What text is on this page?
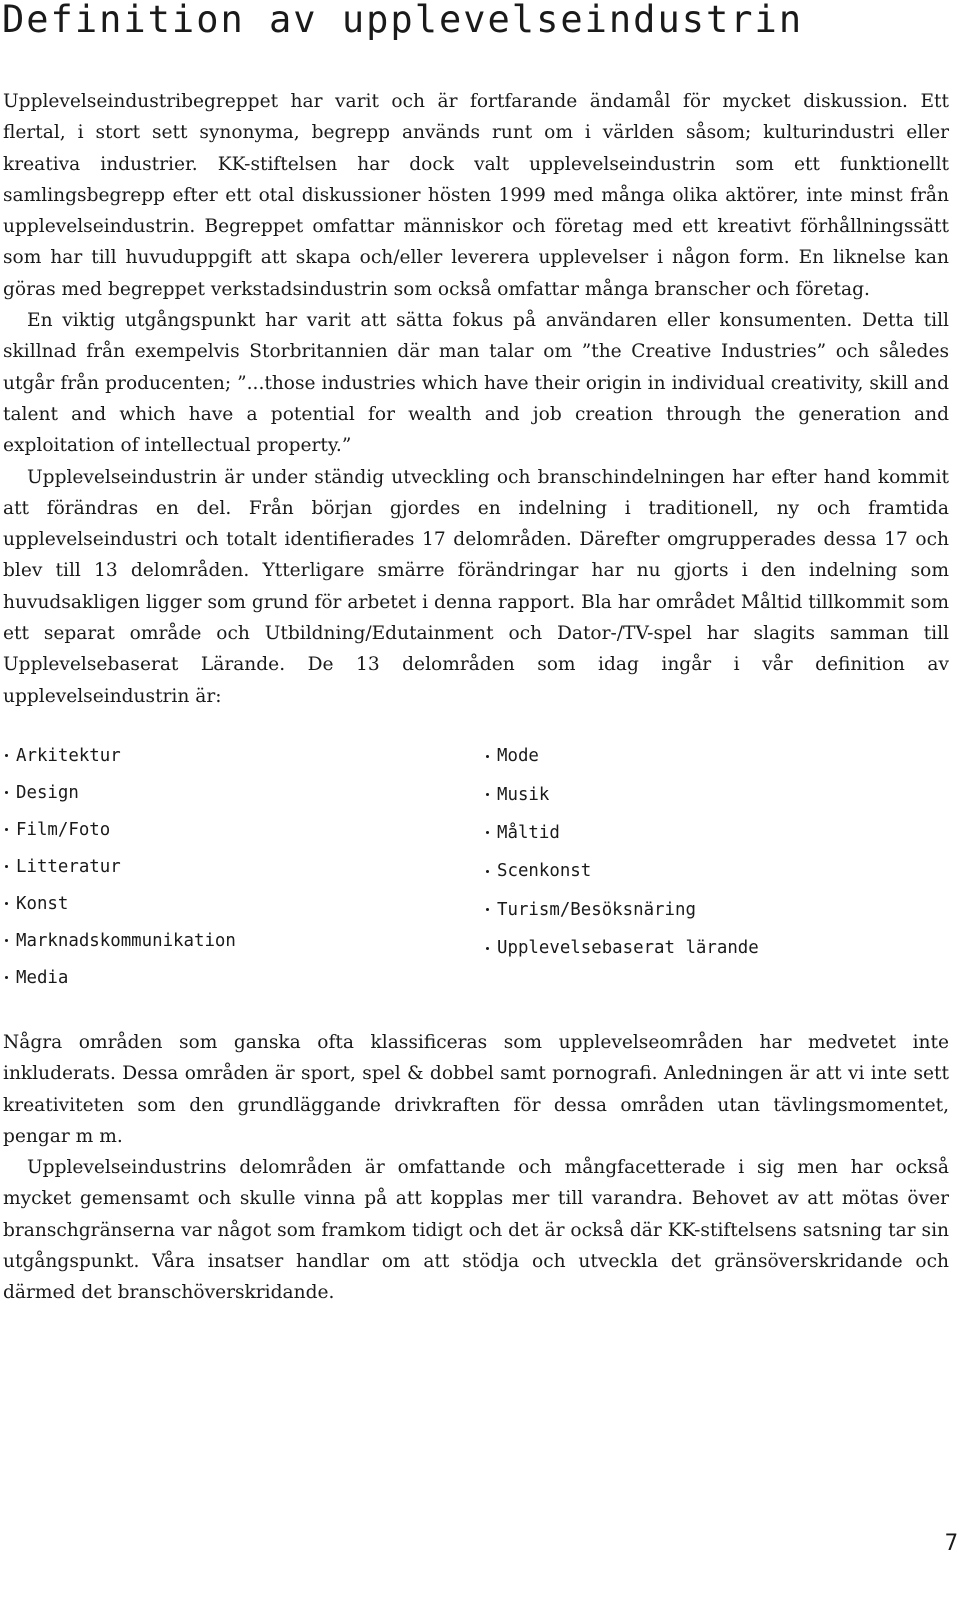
Definition av upplevelseindustrin

Upplevelseindustribegreppet har varit och är fortfarande ändamål för mycket diskussion. Ett flertal, i stort sett synonyma, begrepp används runt om i världen såsom; kulturindustri eller kreativa industrier. KK-stiftelsen har dock valt upplevelseindustrin som ett funktionellt samlingsbegrepp efter ett otal diskussioner hösten 1999 med många olika aktörer, inte minst från upplevelseindustrin. Begreppet omfattar människor och företag med ett kreativt förhållningssätt som har till huvuduppgift att skapa och/eller leverera upplevelser i någon form. En liknelse kan göras med begreppet verkstadsindustrin som också omfattar många branscher och företag.

En viktig utgångspunkt har varit att sätta fokus på användaren eller konsumenten. Detta till skillnad från exempelvis Storbritannien där man talar om ”the Creative Industries” och således utgår från producenten; ”...those industries which have their origin in individual creativity, skill and talent and which have a potential for wealth and job creation through the generation and exploitation of intellectual property.”

Upplevelseindustrin är under ständig utveckling och branschindelningen har efter hand kommit att förändras en del. Från början gjordes en indelning i traditionell, ny och framtida upplevelseindustri och totalt identifierades 17 delområden. Därefter omgrupperades dessa 17 och blev till 13 delområden. Ytterligare smärre förändringar har nu gjorts i den indelning som huvudsakligen ligger som grund för arbetet i denna rapport. Bla har området Måltid tillkommit som ett separat område och Utbildning/Edutainment och Dator-/TV-spel har slagits samman till Upplevelsebaserat Lärande. De 13 delområden som idag ingår i vår definition av upplevelseindustrin är:

Arkitektur
Design
Film/Foto
Litteratur
Konst
Marknadskommunikation
Media
Mode
Musik
Måltid
Scenkonst
Turism/Besöksnäring
Upplevelsebaserat lärande

Några områden som ganska ofta klassificeras som upplevelseområden har medvetet inte inkluderats. Dessa områden är sport, spel & dobbel samt pornografi. Anledningen är att vi inte sett kreativiteten som den grundläggande drivkraften för dessa områden utan tävlingsmomentet, pengar m m.

Upplevelseindustrins delområden är omfattande och mångfacetterade i sig men har också mycket gemensamt och skulle vinna på att kopplas mer till varandra. Behovet av att mötas över branschgränserna var något som framkom tidigt och det är också där KK-stiftelsens satsning tar sin utgångspunkt. Våra insatser handlar om att stödja och utveckla det gränsöverskridande och därmed det branschöverskridande.

7
